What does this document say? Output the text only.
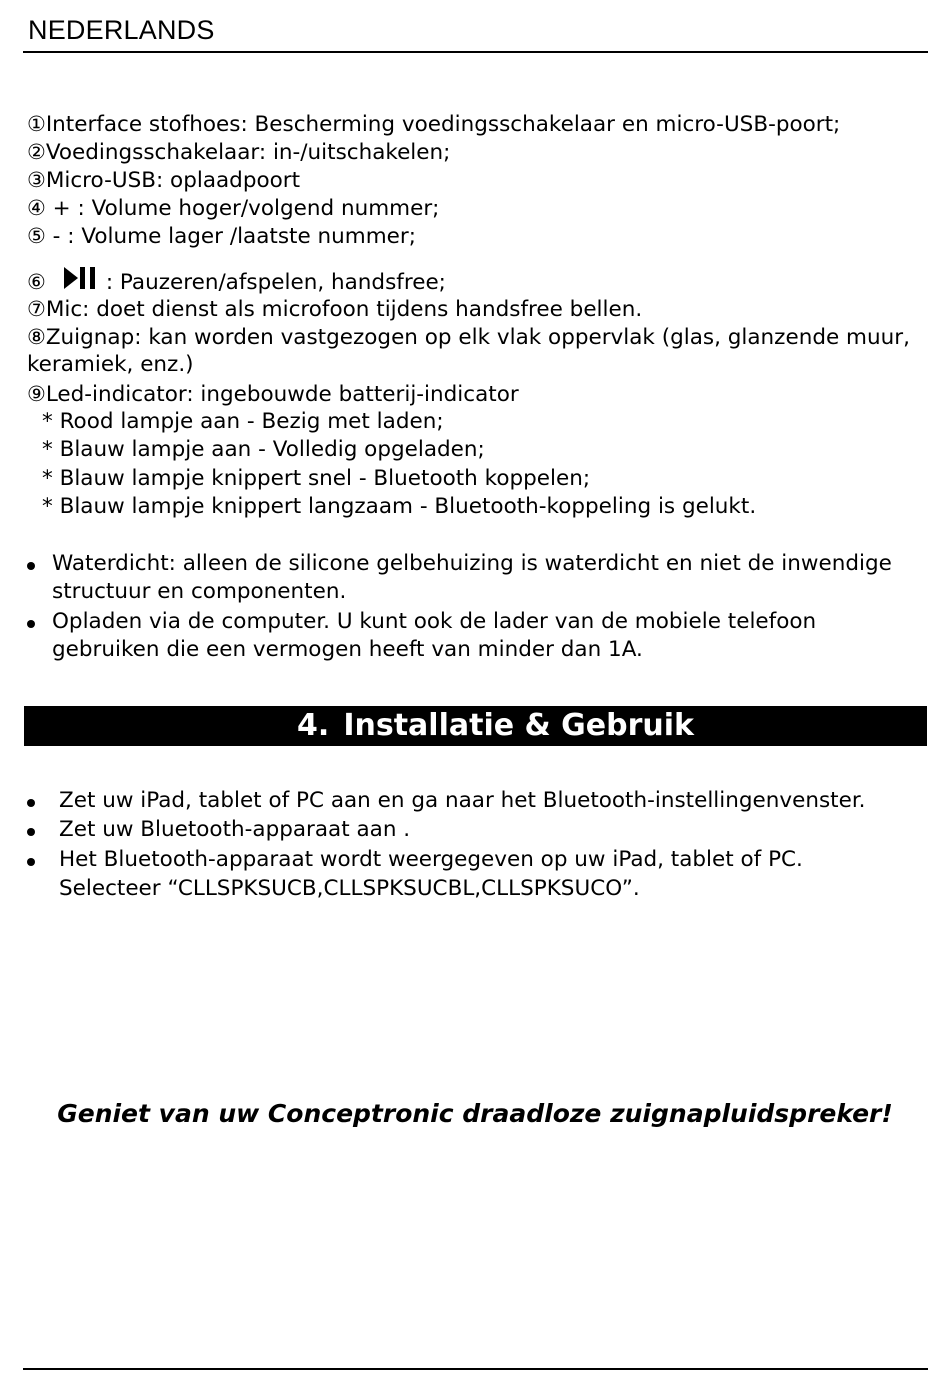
NEDERLANDS
①Interface stofhoes: Bescherming voedingsschakelaar en micro-USB-poort;
②Voedingsschakelaar: in-/uitschakelen;
③Micro-USB: oplaadpoort
④ + : Volume hoger/volgend nummer;
⑤ - : Volume lager /laatste nummer;
⑥	: Pauzeren/afspelen, handsfree;
⑦Mic: doet dienst als microfoon tijdens handsfree bellen.
⑧Zuignap: kan worden vastgezogen op elk vlak oppervlak (glas, glanzende muur,
keramiek, enz.)
⑨Led-indicator: ingebouwde batterij-indicator
* Rood lampje aan - Bezig met laden;
* Blauw lampje aan - Volledig opgeladen;
* Blauw lampje knippert snel - Bluetooth koppelen;
* Blauw lampje knippert langzaam - Bluetooth-koppeling is gelukt.
Waterdicht: alleen de silicone gelbehuizing is waterdicht en niet de inwendige structuur en componenten.
Opladen via de computer. U kunt ook de lader van de mobiele telefoon gebruiken die een vermogen heeft van minder dan 1A.
4. Installatie & Gebruik
Zet uw iPad, tablet of PC aan en ga naar het Bluetooth-instellingenvenster.
Zet uw Bluetooth-apparaat aan .
Het Bluetooth-apparaat wordt weergegeven op uw iPad, tablet of PC. Selecteer “CLLSPKSUCB,CLLSPKSUCBL,CLLSPKSUCO”.
Geniet van uw Conceptronic draadloze zuignapluidspreker!
